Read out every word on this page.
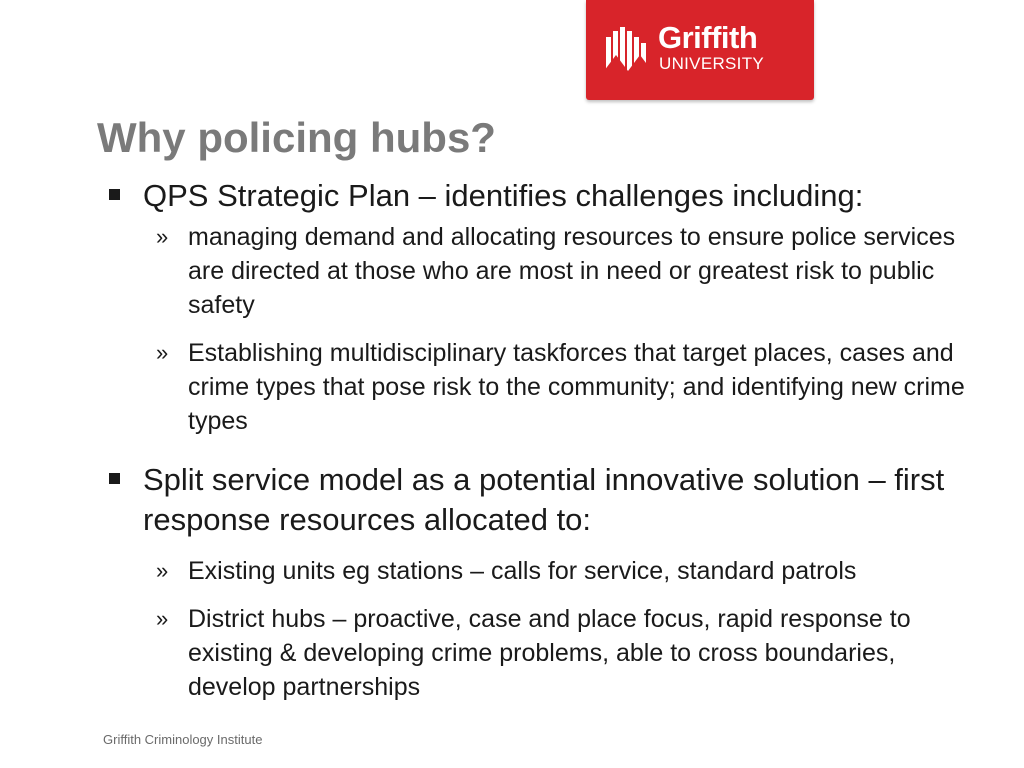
Griffith
UNIVERSITY
Why policing hubs?
QPS Strategic Plan – identifies challenges including:
» managing demand and allocating resources to ensure police services are directed at those who are most in need or greatest risk to public safety
» Establishing multidisciplinary taskforces that target places, cases and crime types that pose risk to the community; and identifying new crime types
Split service model as a potential innovative solution – first response resources allocated to:
» Existing units eg stations – calls for service, standard patrols
» District hubs – proactive, case and place focus, rapid response to existing & developing crime problems, able to cross boundaries, develop partnerships
Griffith Criminology Institute
